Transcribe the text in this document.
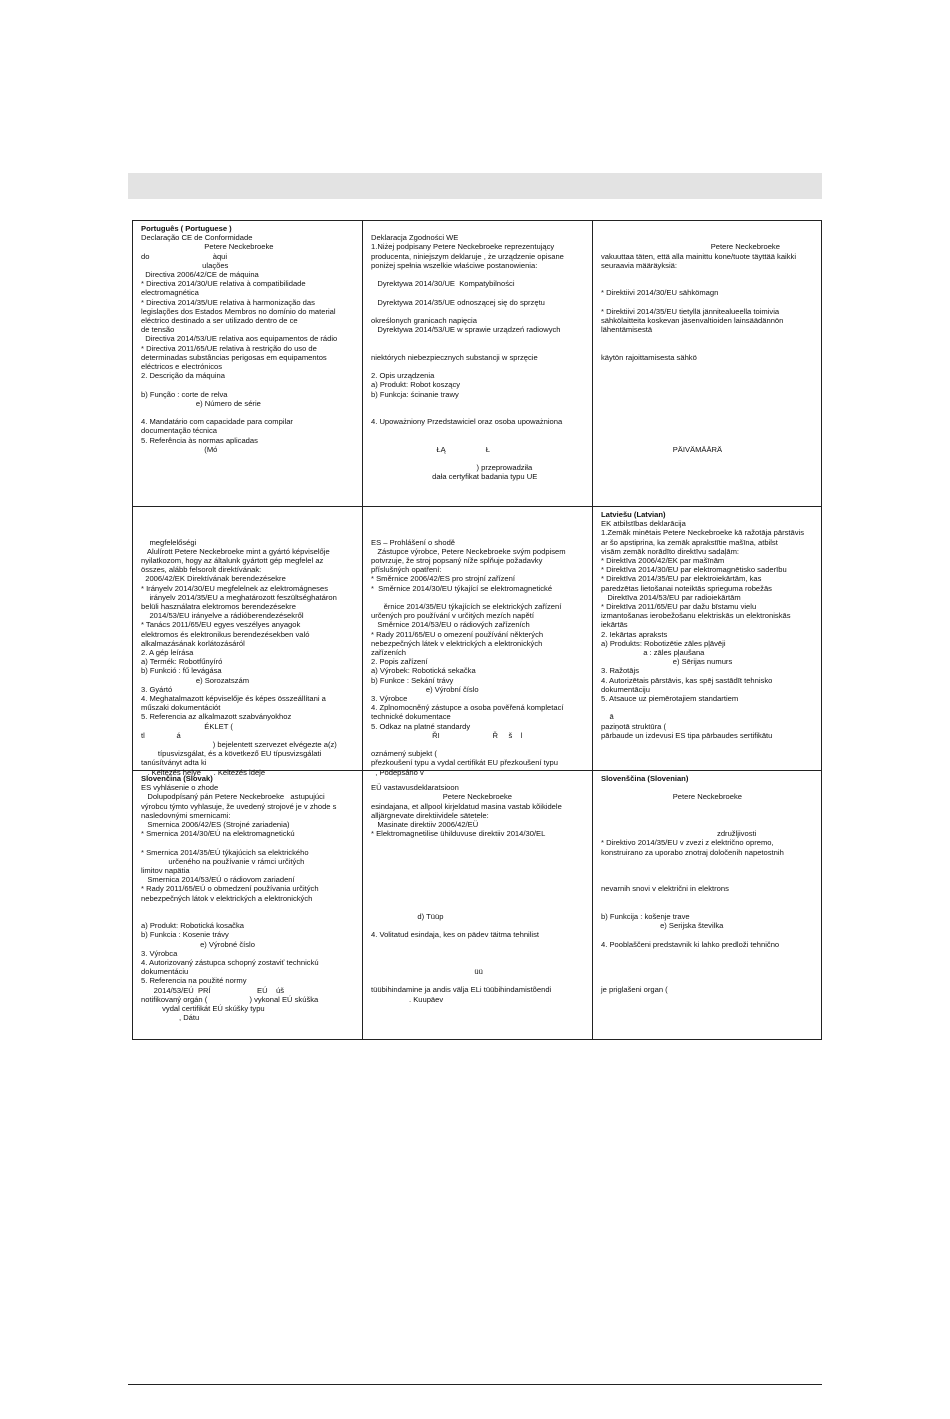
Português ( Portuguese )
Declaração CE de Conformidade
Petere Neckebroeke
do                              àqui
ulações
Directiva 2006/42/CE de máquina
* Directiva 2014/30/UE relativa à compatibilidade
electromagnética
* Directiva 2014/35/UE relativa à harmonização das
legislações dos Estados Membros no domínio do material
eléctrico destinado a ser utilizado dentro de ce
de tensão
Directiva 2014/53/UE relativa aos equipamentos de rádio
* Directiva 2011/65/UE relativa à restrição do uso de
determinadas substâncias perigosas em equipamentos
eléctricos e electrónicos
2. Descrição da máquina
b) Função : corte de relva
e) Número de série
4. Mandatário com capacidade para compilar
documentação técnica
5. Referência às normas aplicadas
(Mó
Deklaracja Zgodności WE
1.Niżej podpisany Petere Neckebroeke reprezentujący
producenta, niniejszym deklaruje , że urządzenie opisane
poniżej spełnia wszelkie właściwe postanowienia:
Dyrektywa 2014/30/UE  Kompatybilności
Dyrektywa 2014/35/UE odnoszącej się do sprzętu
określonych granicach napięcia
Dyrektywa 2014/53/UE w sprawie urządzeń radiowych
niektórych niebezpiecznych substancji w sprzęcie
2. Opis urządzenia
a) Produkt: Robot koszący
b) Funkcja: ścinanie trawy
4. Upoważniony Przedstawiciel oraz osoba upoważniona
ŁĄ                   Ł
) przeprowadziła
dała certyfikat badania typu UE
Petere Neckebroeke
vakuuttaa täten, että alla mainittu kone/tuote täyttää kaikki
seuraavia määräyksiä:
* Direktiivi 2014/30/EU sähkömagn
* Direktiivi 2014/35/EU tietyllä jännitealueella toimivia
sähkölaitteita koskevan jäsenvaltioiden lainsäädännön
lähentämisestä
käytön rajoittamisesta sähkö
PÄIVÄMÄÄRÄ
megfelelőségi
Alulírott Petere Neckebroeke mint a gyártó képviselője
nyilatkozom, hogy az általunk gyártott gép megfelel az
összes, alább felsorolt direktívának:
2006/42/EK Direktívának berendezésekre
* Irányelv 2014/30/EU megfelelnek az elektromágneses
irányelv 2014/35/EU a meghatározott feszültséghatáron
belüli használatra elektromos berendezésekre
2014/53/EU irányelve a rádióberendezésekről
* Tanács 2011/65/EU egyes veszélyes anyagok
elektromos és elektronikus berendezésekben való
alkalmazásának korlátozásáról
2. A gép leírása
a) Termék: Robotfűnyíró
b) Funkció : fű levágása
e) Sorozatszám
3. Gyártó
4. Meghatalmazott képviselője és képes összeállítani a
műszaki dokumentációt
5. Referencia az alkalmazott szabványokhoz
ÉKLET (
tl               á
) bejelentett szervezet elvégezte a(z)
típusvizsgálat, és a következő EU típusvizsgálati
tanúsítványt adta ki
. Keltezés helye      . Keltezés ideje
ES – Prohlášení o shodě
Zástupce výrobce, Petere Neckebroeke svým podpisem
potvrzuje, že stroj popsaný níže splňuje požadavky
příslušných opatření:
* Směrnice 2006/42/ES pro strojní zařízení
*  Směrnice 2014/30/EU týkající se elektromagnetické
ěrnice 2014/35/EU týkajících se elektrických zařízení
určených pro používání v určitých mezích napětí
Směrnice 2014/53/EU o rádiových zařízeních
* Rady 2011/65/EU o omezení používání některých
nebezpečných látek v elektrických a elektronických
zařízeních
2. Popis zařízení
a) Výrobek: Robotická sekačka
b) Funkce : Sekání trávy
e) Výrobní číslo
3. Výrobce
4. Zplnomocněný zástupce a osoba pověřená kompletací
technické dokumentace
5. Odkaz na platné standardy
ŘI                         Ř     š    l
oznámený subjekt (
přezkoušení typu a vydal certifikát EU přezkoušení typu
, Podepsáno v
Latviešu (Latvian)
EK atbilstības deklarācija
1.Zemāk minētais Petere Neckebroeke kā ražotāja pārstāvis
ar šo apstiprina, ka zemāk aprakstītie mašīna, atbilst
visām zemāk norādīto direktīvu sadaļām:
* Direktīva 2006/42/EK par mašīnām
* Direktīva 2014/30/EU par elektromagnētisko saderību
* Direktīva 2014/35/EU par elektroiekārtām, kas
paredzētas lietošanai noteiktās sprieguma robežās
Direktīva 2014/53/EU par radioiekārtām
* Direktīva 2011/65/EU par dažu bīstamu vielu
izmantošanas ierobežošanu elektriskās un elektroniskās
iekārtās
2. Iekārtas apraksts
a) Produkts: Robotizētie zāles pļāvēji
a : zāles pļaušana
e) Sērijas numurs
3. Ražotājs
4. Autorizētais pārstāvis, kas spēj sastādīt tehnisko
dokumentāciju
5. Atsauce uz piemērotajiem standartiem
ā
paziņotā struktūra (
pārbaude un izdevusi ES tipa pārbaudes sertifikātu
Slovenčina (Slovak)
ES vyhlásenie o zhode
Dolupodpísaný pán Petere Neckebroeke   astupujúci
výrobcu týmto vyhlasuje, že uvedený strojové je v zhode s
nasledovnými smernicami:
Smernica 2006/42/ES (Strojné zariadenia)
* Smernica 2014/30/EÚ na elektromagnetickú
* Smernica 2014/35/EÚ týkajúcich sa elektrického
určeného na používanie v rámci určitých
limitov napätia
Smernica 2014/53/EÚ o rádiovom zariadení
* Rady 2011/65/EÚ o obmedzení používania určitých
nebezpečných látok v elektrických a elektronických
a) Produkt: Robotická kosačka
b) Funkcia : Kosenie trávy
e) Výrobné číslo
3. Výrobca
4. Autorizovaný zástupca schopný zostaviť technickú
dokumentáciu
5. Referencia na použité normy
2014/53/EÚ  PRÍ                      EÚ    úš
notifikovaný orgán (                    ) vykonal EÚ skúška
vydal certifikát EÚ skúšky typu
, Dátu
EÜ vastavusdeklaratsioon
Petere Neckebroeke
esindajana, et allpool kirjeldatud masina vastab kõikidele
alljärgnevate direktiividele sätetele:
Masinate direktiiv 2006/42/EÜ
* Elektromagnetilise ühilduvuse direktiiv 2014/30/EL
d) Tüüp
4. Volitatud esindaja, kes on pädev täitma tehnilist
üü
tüübihindamine ja andis välja ELi tüübihindamistõendi
. Kuupäev
Slovenščina (Slovenian)
Petere Neckebroeke
združljivosti
* Direktivo 2014/35/EU v zvezi z električno opremo,
konstruirano za uporabo znotraj določenih napetostnih
nevarnih snovi v električni in elektrons
b) Funkcija : košenje trave
e) Serijska številka
4. Pooblaščeni predstavnik ki lahko predloži tehnično
je priglašeni organ (
